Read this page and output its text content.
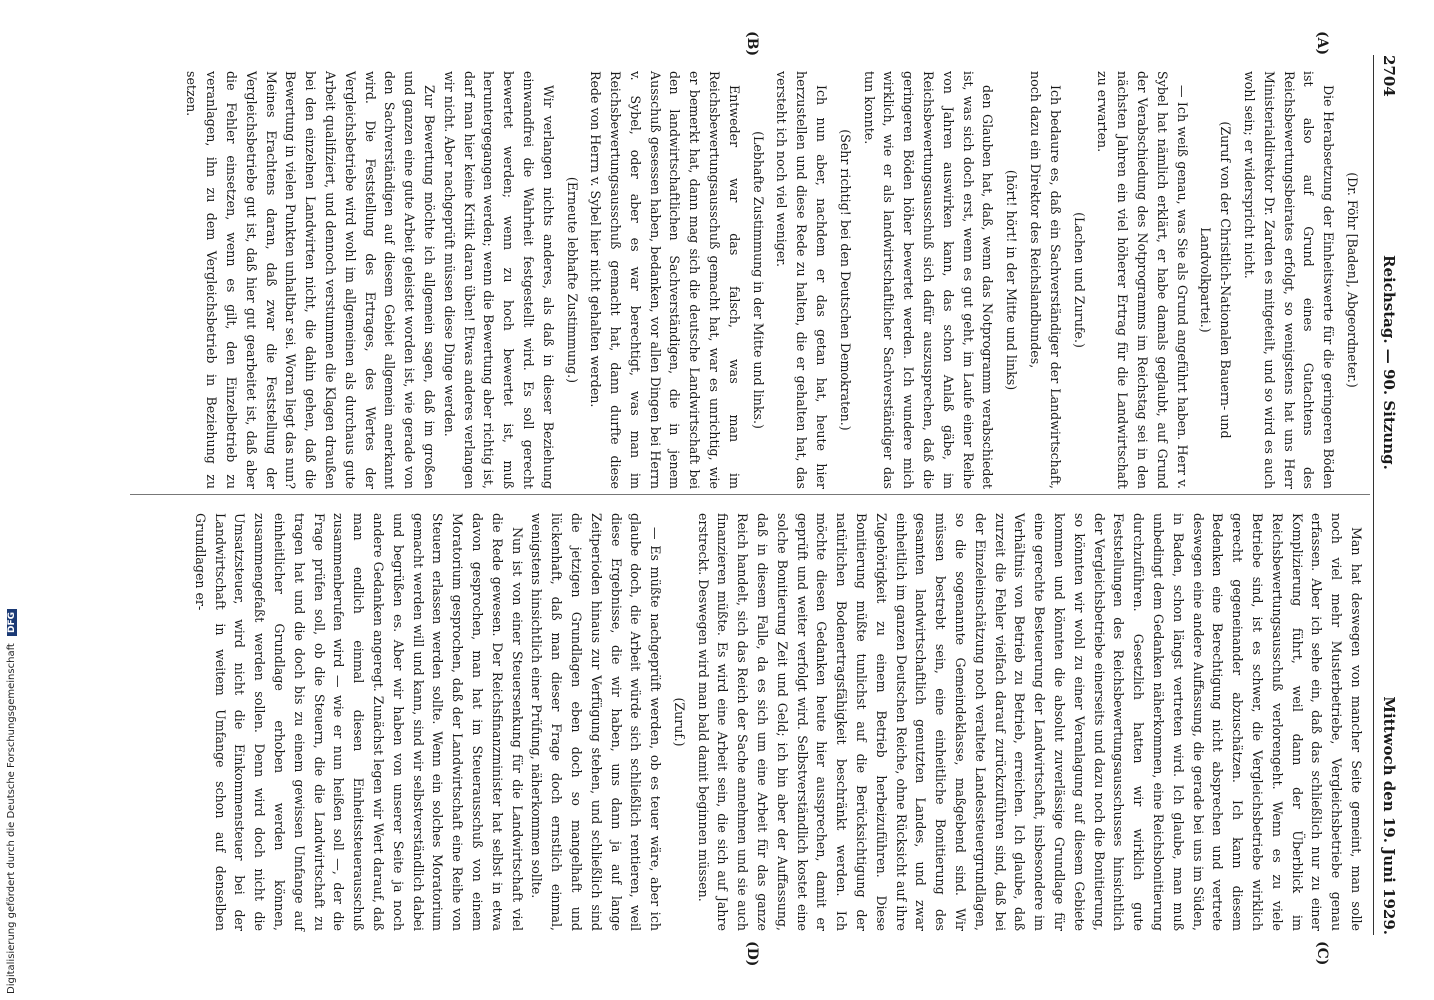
2704
Reichstag. — 90. Sitzung.
Mittwoch den 19. Juni 1929.
(A)
(B)
(C)
(D)

(Dr. Föhr [Baden], Abgeordneter.)

Die Herabsetzung der Einheitswerte für die geringeren Böden ist also auf Grund eines Gutachtens des Reichsbewertungsbeirates erfolgt, so wenigstens hat uns Herr Ministerialdirektor Dr. Zarden es mitgeteilt, und so wird es auch wohl sein; er widerspricht nicht.

(Zuruf von der Christlich-Nationalen Bauern- und Landvolkpartei.)

— Ich weiß genau, was Sie als Grund angeführt haben. Herr v. Sybel hat nämlich erklärt, er habe damals geglaubt, auf Grund der Verabschiedung des Notprogramms im Reichstag sei in den nächsten Jahren ein viel höherer Ertrag für die Landwirtschaft zu erwarten.

(Lachen und Zurufe.)

Ich bedaure es, daß ein Sachverständiger der Landwirtschaft, noch dazu ein Direktor des Reichslandbundes,

(hört! hört! in der Mitte und links)

den Glauben hat, daß, wenn das Notprogramm verabschiedet ist, was sich doch erst, wenn es gut geht, im Laufe einer Reihe von Jahren auswirken kann, das schon Anlaß gäbe, im Reichsbewertungsausschuß sich dafür auszusprechen, daß die geringeren Böden höher bewertet werden. Ich wundere mich wirklich, wie er als landwirtschaftlicher Sachverständiger das tun konnte.

(Sehr richtig! bei den Deutschen Demokraten.)

Ich nun aber, nachdem er das getan hat, heute hier herzustellen und diese Rede zu halten, die er gehalten hat, das versteht ich noch viel weniger.

(Lebhafte Zustimmung in der Mitte und links.)

Entweder war das falsch, was man im Reichsbewertungsausschuß gemacht hat, war es unrichtig, wie er bemerkt hat, dann mag sich die deutsche Landwirtschaft bei den landwirtschaftlichen Sachverständigen, die in jenem Ausschuß gesessen haben, bedanken, vor allen Dingen bei Herrn v. Sybel, oder aber es war berechtigt, was man im Reichsbewertungsausschuß gemacht hat, dann durfte diese Rede von Herrn v. Sybel hier nicht gehalten werden.

(Erneute lebhafte Zustimmung.)

Wir verlangen nichts anderes, als daß in dieser Beziehung einwandfrei die Wahrheit festgestellt wird. Es soll gerecht bewertet werden; wenn zu hoch bewertet ist, muß heruntergegangen werden; wenn die Bewertung aber richtig ist, darf man hier keine Kritik daran üben! Etwas anderes verlangen wir nicht. Aber nachgeprüft müssen diese Dinge werden.

Zur Bewertung möchte ich allgemein sagen, daß im großen und ganzen eine gute Arbeit geleistet worden ist, wie gerade von den Sachverständigen auf diesem Gebiet allgemein anerkannt wird. Die Feststellung des Ertrages, des Wertes der Vergleichsbetriebe wird wohl im allgemeinen als durchaus gute Arbeit qualifiziert, und dennoch verstummen die Klagen draußen bei den einzelnen Landwirten nicht, die dahin gehen, daß die Bewertung in vielen Punkten unhaltbar sei. Woran liegt das nun? Meines Erachtens daran, daß zwar die Feststellung der Vergleichsbetriebe gut ist, daß hier gut gearbeitet ist, daß aber die Fehler einsetzen, wenn es gilt, den Einzelbetrieb zu veranlagen, ihn zu dem Vergleichsbetrieb in Beziehung zu setzen.

Man hat deswegen von mancher Seite gemeint, man solle noch viel mehr Musterbetriebe, Vergleichsbetriebe genau erfassen. Aber ich sehe ein, daß das schließlich nur zu einer Komplizierung führt, weil dann der Überblick im Reichsbewertungsausschuß verlorengeht. Wenn es zu viele Betriebe sind, ist es schwer, die Vergleichsbetriebe wirklich gerecht gegeneinander abzuschätzen. Ich kann diesem Bedenken eine Berechtigung nicht absprechen und vertrete deswegen eine andere Auffassung, die gerade bei uns im Süden, in Baden, schon längst vertreten wird. Ich glaube, man muß unbedingt dem Gedanken näherkommen, eine Reichsbonitierung durchzuführen. Gesetzlich hatten wir wirklich gute Feststellungen des Reichsbewertungsausschusses hinsichtlich der Vergleichsbetriebe einerseits und dazu noch die Bonitierung, so könnten wir wohl zu einer Veranlagung auf diesem Gebiete kommen und könnten die absolut zuverlässige Grundlage für eine gerechte Besteuerung der Landwirtschaft, insbesondere im Verhältnis von Betrieb zu Betrieb, erreichen. Ich glaube, daß zurzeit die Fehler vielfach darauf zurückzuführen sind, daß bei der Einzeleinschätzung noch veraltete Landessteuergrundlagen, so die sogenannte Gemeindeklasse, maßgebend sind. Wir müssen bestrebt sein, eine einheitliche Bonitierung des gesamten landwirtschaftlich genutzten Landes, und zwar einheitlich im ganzen Deutschen Reiche, ohne Rücksicht auf ihre Zugehörigkeit zu einem Betrieb herbeizuführen. Diese Bonitierung müßte tunlichst auf die Berücksichtigung der natürlichen Bodenertragsfähigkeit beschränkt werden. Ich möchte diesen Gedanken heute hier aussprechen, damit er geprüft und weiter verfolgt wird. Selbstverständlich kostet eine solche Bonitierung Zeit und Geld; ich bin aber der Auffassung, daß in diesem Falle, da es sich um eine Arbeit für das ganze Reich handelt, sich das Reich der Sache annehmen und sie auch finanzieren müßte. Es wird eine Arbeit sein, die sich auf Jahre erstreckt. Deswegen wird man bald damit beginnen müssen.

(Zuruf.)

— Es müßte nachgeprüft werden, ob es teuer wäre, aber ich glaube doch, die Arbeit würde sich schließlich rentieren, weil diese Ergebnisse, die wir haben, uns dann ja auf lange Zeitperioden hinaus zur Verfügung stehen, und schließlich sind die jetzigen Grundlagen eben doch so mangelhaft und lückenhaft, daß man dieser Frage doch ernstlich einmal, wenigstens hinsichtlich einer Prüfung, näherkommen sollte.

Nun ist von einer Steuersenkung für die Landwirtschaft viel die Rede gewesen. Der Reichsfinanzminister hat selbst in etwa davon gesprochen, man hat im Steuerausschuß von einem Moratorium gesprochen, daß der Landwirtschaft eine Reihe von Steuern erlassen werden sollte. Wenn ein solches Moratorium gemacht werden will und kann, sind wir selbstverständlich dabei und begrüßen es. Aber wir haben von unserer Seite ja noch andere Gedanken angeregt. Zunächst legen wir Wert darauf, daß man endlich einmal diesen Einheitssteuerausschuß zusammenberufen wird — wie er nun heißen soll —, der die Frage prüfen soll, ob die Steuern, die die Landwirtschaft zu tragen hat und die doch bis zu einem gewissen Umfange auf einheitlicher Grundlage erhoben werden können, zusammengefaßt werden sollen. Denn wird doch nicht die Umsatzsteuer, wird nicht die Einkommensteuer bei der Landwirtschaft in weitem Umfange schon auf denselben Grundlagen er-

Digitalisierung gefördert durch die Deutsche Forschungsgemeinschaft DFG
